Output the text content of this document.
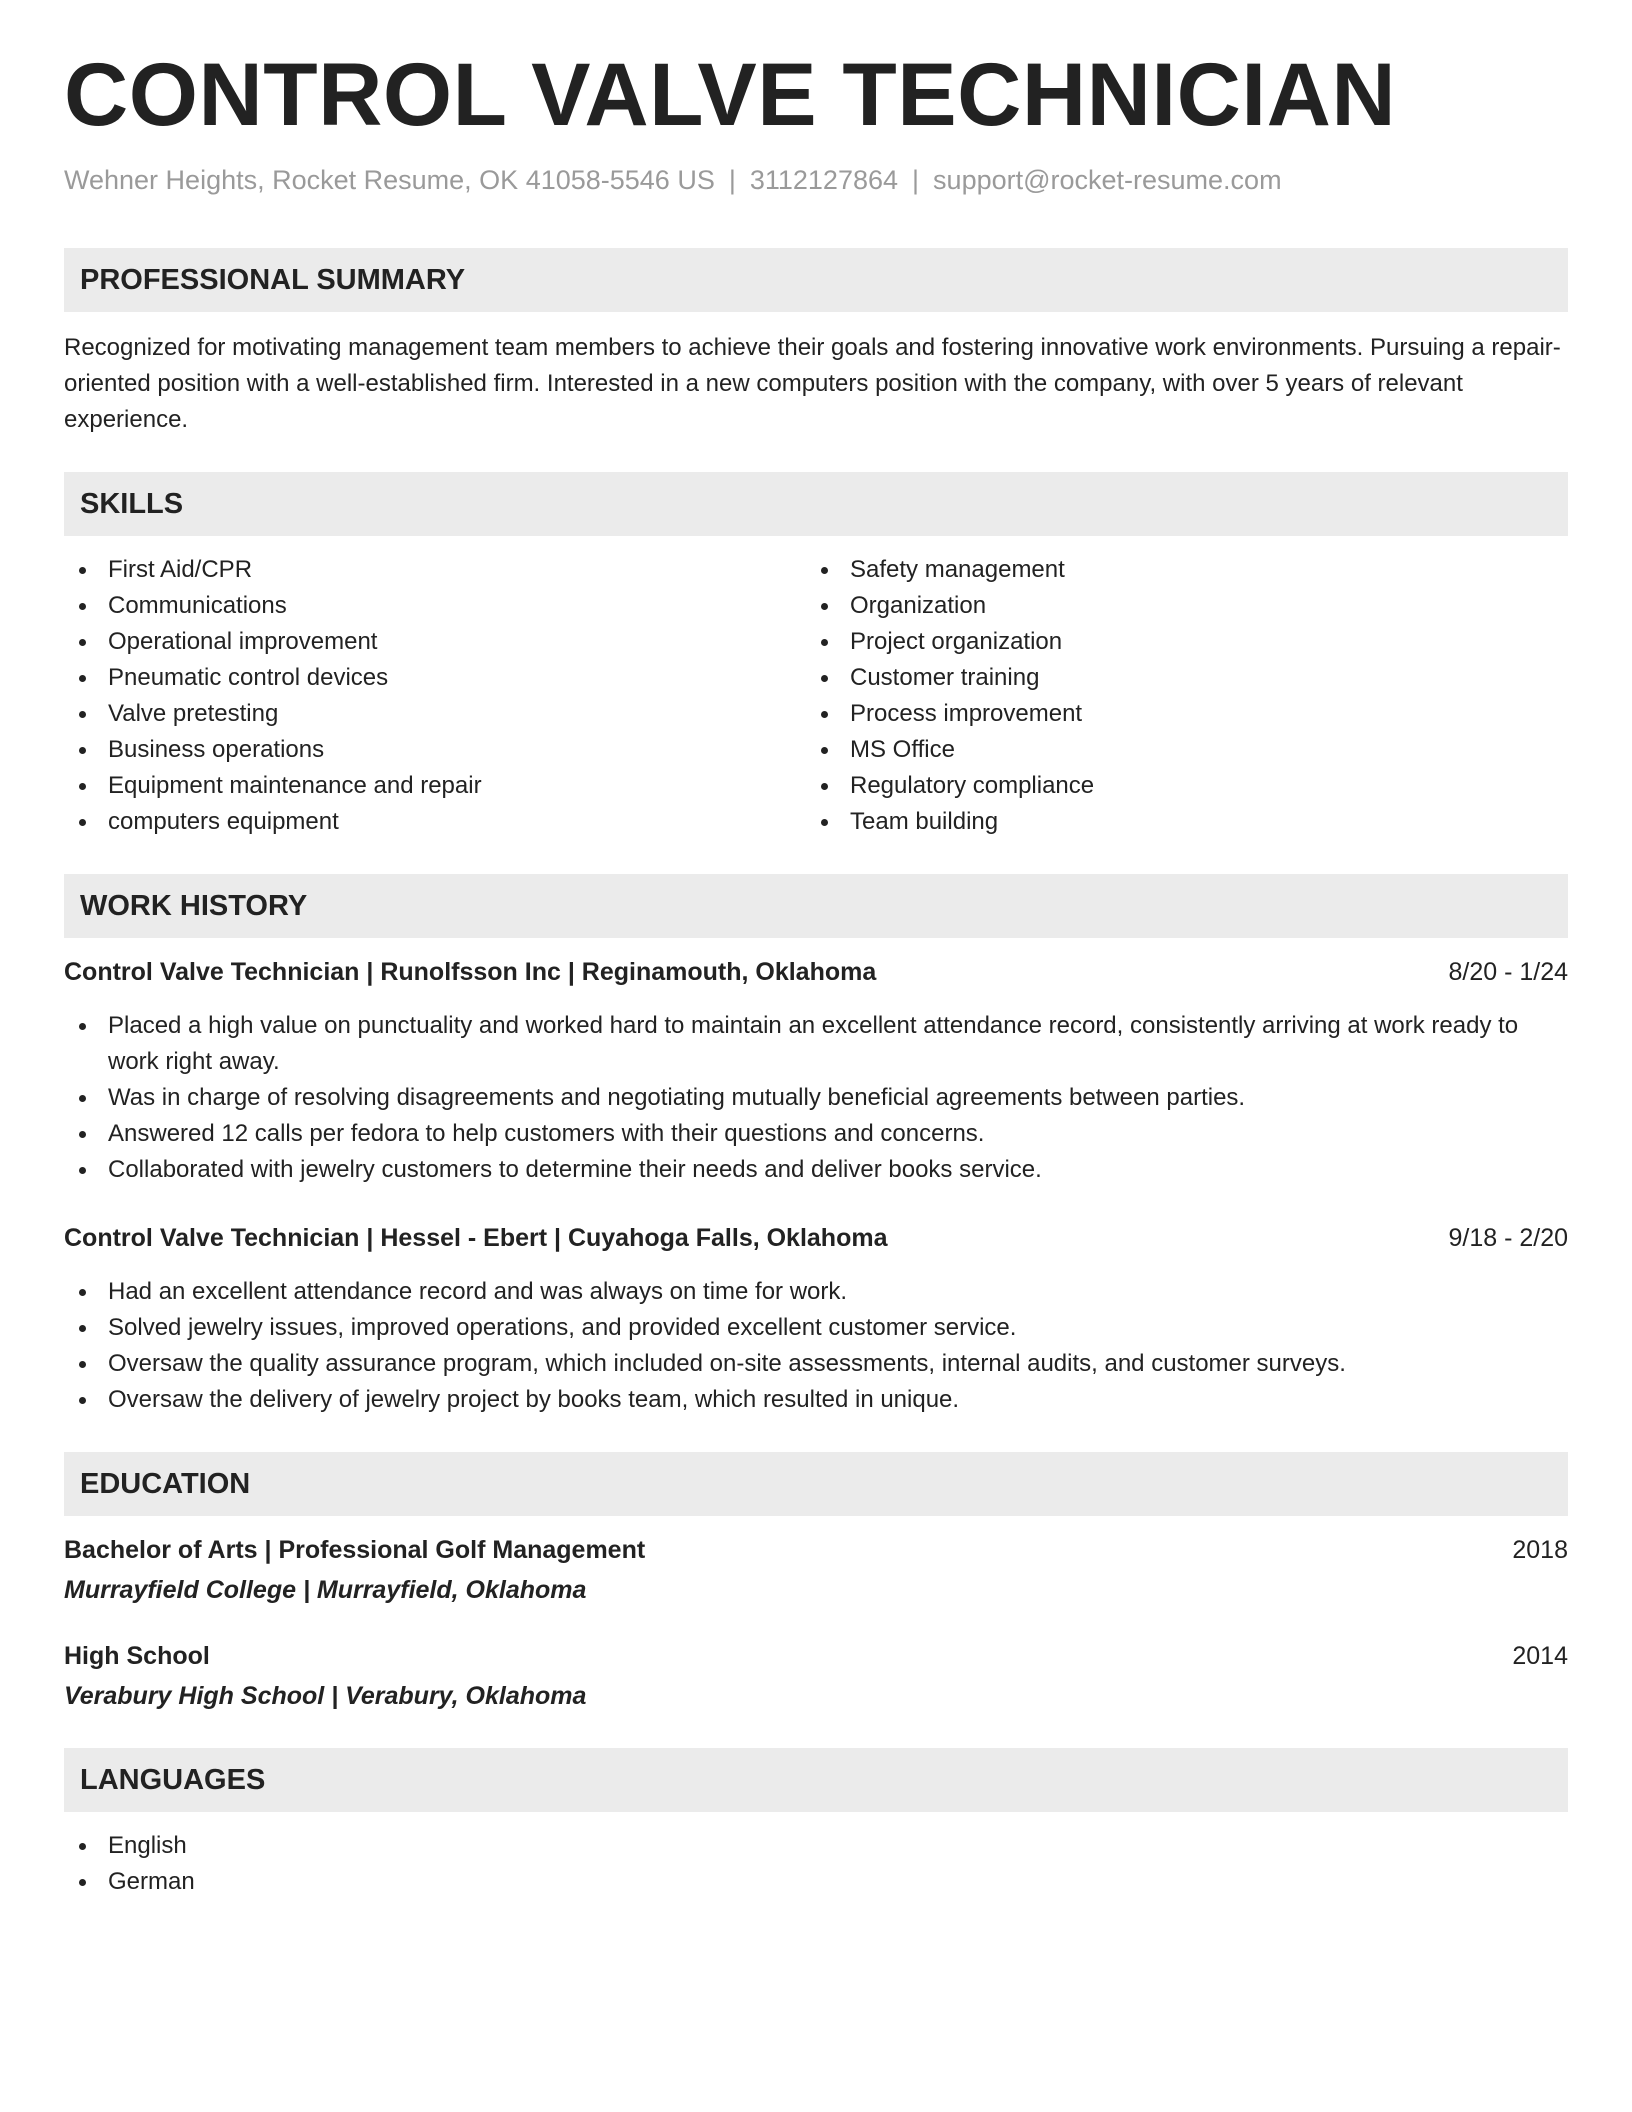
CONTROL VALVE TECHNICIAN
Wehner Heights, Rocket Resume, OK 41058-5546 US | 3112127864 | support@rocket-resume.com
PROFESSIONAL SUMMARY
Recognized for motivating management team members to achieve their goals and fostering innovative work environments. Pursuing a repair-oriented position with a well-established firm. Interested in a new computers position with the company, with over 5 years of relevant experience.
SKILLS
First Aid/CPR
Communications
Operational improvement
Pneumatic control devices
Valve pretesting
Business operations
Equipment maintenance and repair
computers equipment
Safety management
Organization
Project organization
Customer training
Process improvement
MS Office
Regulatory compliance
Team building
WORK HISTORY
Control Valve Technician | Runolfsson Inc | Reginamouth, Oklahoma	8/20 - 1/24
Placed a high value on punctuality and worked hard to maintain an excellent attendance record, consistently arriving at work ready to work right away.
Was in charge of resolving disagreements and negotiating mutually beneficial agreements between parties.
Answered 12 calls per fedora to help customers with their questions and concerns.
Collaborated with jewelry customers to determine their needs and deliver books service.
Control Valve Technician | Hessel - Ebert | Cuyahoga Falls, Oklahoma	9/18 - 2/20
Had an excellent attendance record and was always on time for work.
Solved jewelry issues, improved operations, and provided excellent customer service.
Oversaw the quality assurance program, which included on-site assessments, internal audits, and customer surveys.
Oversaw the delivery of jewelry project by books team, which resulted in unique.
EDUCATION
Bachelor of Arts | Professional Golf Management	2018
Murrayfield College | Murrayfield, Oklahoma
High School	2014
Verabury High School | Verabury, Oklahoma
LANGUAGES
English
German
